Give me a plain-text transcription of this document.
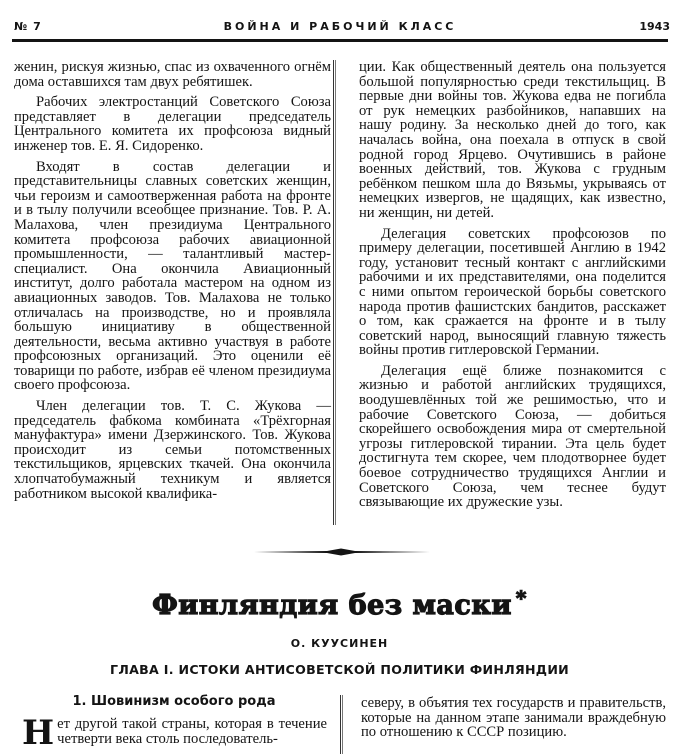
№ 7	ВОЙНА И РАБОЧИЙ КЛАСС	1943

женин, рискуя жизнью, спас из охваченного огнём дома оставшихся там двух ребятишек.

Рабочих электростанций Советского Союза представляет в делегации председатель Центрального комитета их профсоюза видный инженер тов. Е. Я. Сидоренко.

Входят в состав делегации и представительницы славных советских женщин, чьи героизм и самоотверженная работа на фронте и в тылу получили всеобщее признание. Тов. Р. А. Малахова, член президиума Центрального комитета профсоюза рабочих авиационной промышленности, — талантливый мастер-специалист. Она окончила Авиационный институт, долго работала мастером на одном из авиационных заводов. Тов. Малахова не только отличалась на производстве, но и проявляла большую инициативу в общественной деятельности, весьма активно участвуя в работе профсоюзных организаций. Это оценили её товарищи по работе, избрав её членом президиума своего профсоюза.

Член делегации тов. Т. С. Жукова — председатель фабкома комбината «Трёхгорная мануфактура» имени Дзержинского. Тов. Жукова происходит из семьи потомственных текстильщиков, ярцевских ткачей. Она окончила хлопчатобумажный техникум и является работником высокой квалифика-

ции. Как общественный деятель она пользуется большой популярностью среди текстильщиц. В первые дни войны тов. Жукова едва не погибла от рук немецких разбойников, напавших на нашу родину. За несколько дней до того, как началась война, она поехала в отпуск в свой родной город Ярцево. Очутившись в районе военных действий, тов. Жукова с грудным ребёнком пешком шла до Вязьмы, укрываясь от немецких извергов, не щадящих, как известно, ни женщин, ни детей.

Делегация советских профсоюзов по примеру делегации, посетившей Англию в 1942 году, установит тесный контакт с английскими рабочими и их представителями, она поделится с ними опытом героической борьбы советского народа против фашистских бандитов, расскажет о том, как сражается на фронте и в тылу советский народ, выносящий главную тяжесть войны против гитлеровской Германии.

Делегация ещё ближе познакомится с жизнью и работой английских трудящихся, воодушевлённых той же решимостью, что и рабочие Советского Союза, — добиться скорейшего освобождения мира от смертельной угрозы гитлеровской тирании. Эта цель будет достигнута тем скорее, чем плодотворнее будет боевое сотрудничество трудящихся Англии и Советского Союза, чем теснее будут связывающие их дружеские узы.

Финляндия без маски *
О. КУУСИНЕН
ГЛАВА I. ИСТОКИ АНТИСОВЕТСКОЙ ПОЛИТИКИ ФИНЛЯНДИИ
1. Шовинизм особого рода
Нет другой такой страны, которая в течение четверти века столь последователь-
северу, в объятия тех государств и правительств, которые на данном этапе занимали враждебную по отношению к СССР позицию.
